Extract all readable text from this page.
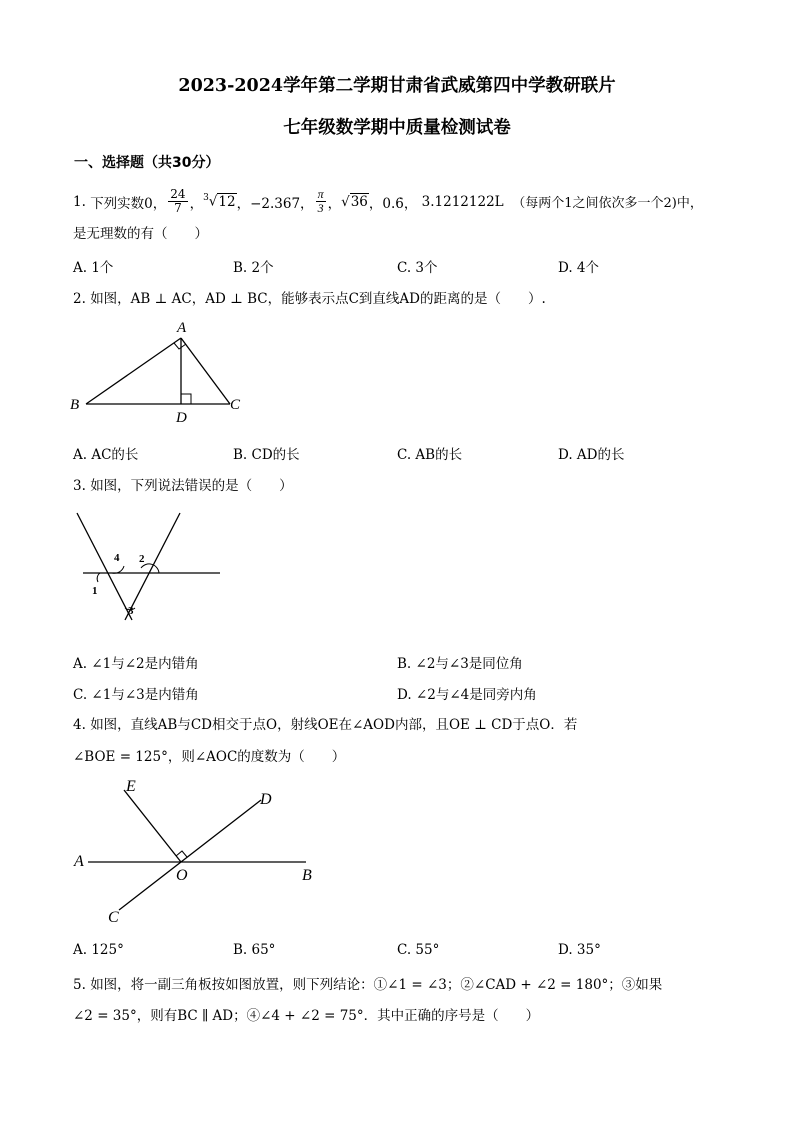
2023-2024学年第二学期甘肃省武威第四中学教研联片
七年级数学期中质量检测试卷
一、选择题（共30分）
1.
下列实数0， $\frac{24}{7}$ ， $^3$√12 ，−2.367， $\frac{\pi}{3}$ ， √36 ， 0.6̇，
3.1212122L
（每两个1之间依次多一个2)中，
是无理数的有（　　）
A. 1个	B. 2个	C. 3个	D. 4个
2. 如图，AB ⊥ AC，AD ⊥ BC，能够表示点C到直线AD的距离的是（　　）.
A
B	C
D
A. AC的长	B. CD的长	C. AB的长	D. AD的长
3. 如图，下列说法错误的是（　　）
1
2
3
4
A. ∠1与∠2是内错角	B. ∠2与∠3是同位角
C. ∠1与∠3是内错角	D. ∠2与∠4是同旁内角
4. 如图，直线AB与CD相交于点O，射线OE在∠AOD内部，且OE ⊥ CD于点O．若
∠BOE = 125°，则∠AOC的度数为（　　）
A
B
C
D
E
O
A. 125°	B. 65°	C. 55°	D. 35°
5. 如图，将一副三角板按如图放置，则下列结论：①∠1 = ∠3；②∠CAD + ∠2 = 180°；③如果
∠2 = 35°，则有BC ∥ AD；④∠4 + ∠2 = 75°．其中正确的序号是（　　）
